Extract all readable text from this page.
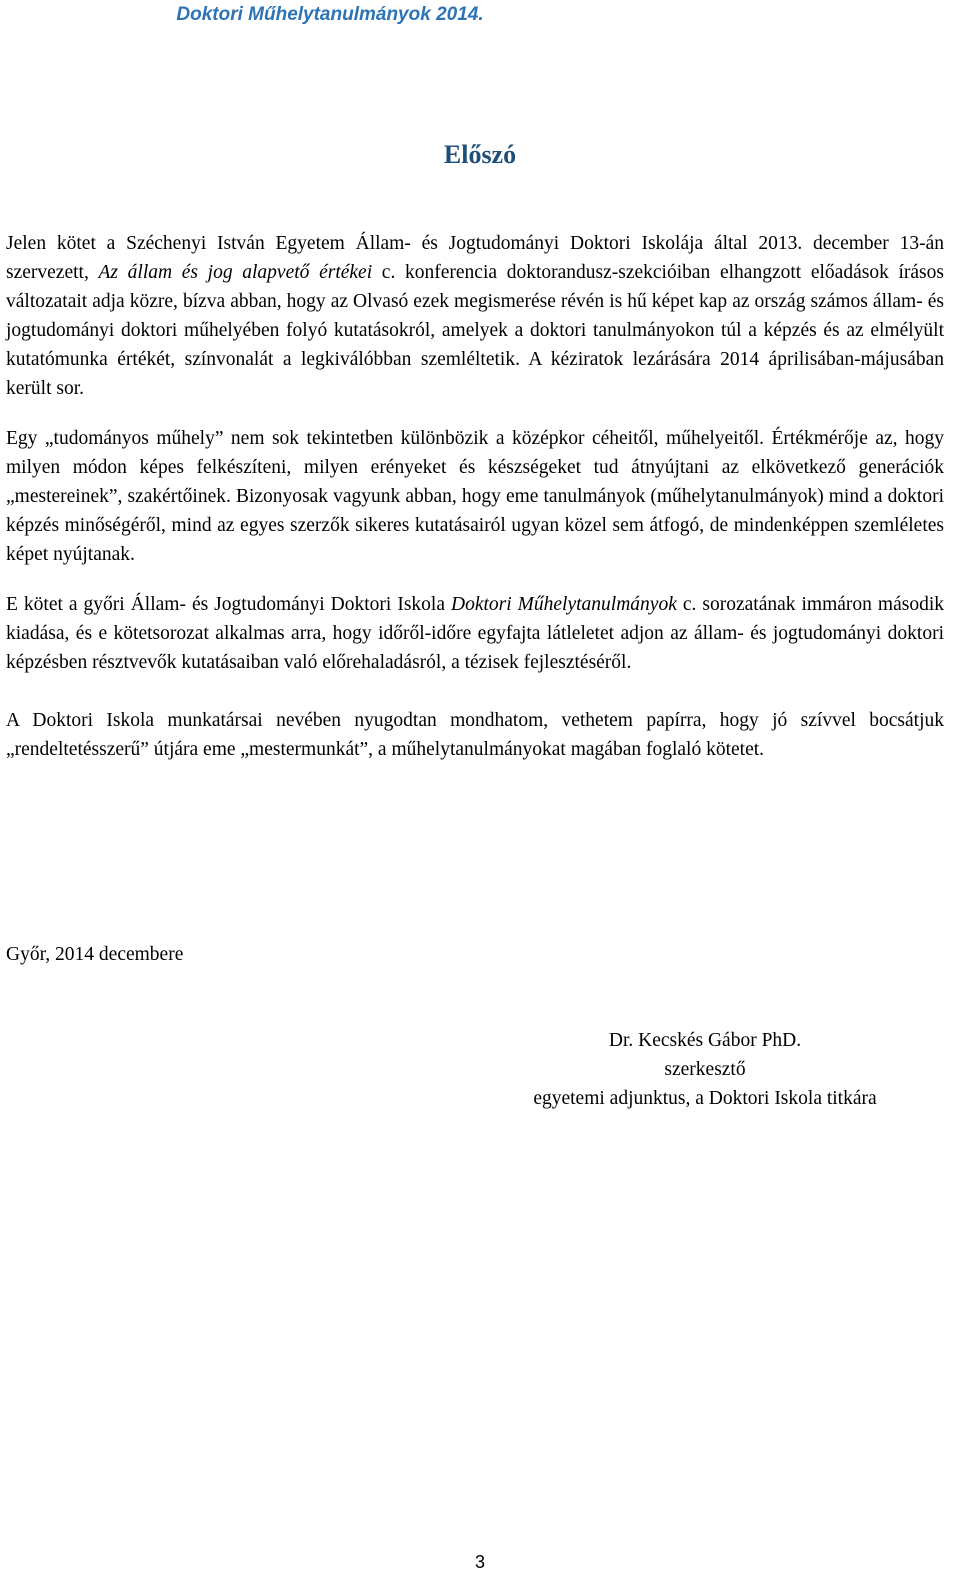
Doktori Műhelytanulmányok 2014.
Előszó

Jelen kötet a Széchenyi István Egyetem Állam- és Jogtudományi Doktori Iskolája által 2013. december 13-án szervezett, Az állam és jog alapvető értékei c. konferencia doktorandusz-szekcióiban elhangzott előadások írásos változatait adja közre, bízva abban, hogy az Olvasó ezek megismerése révén is hű képet kap az ország számos állam- és jogtudományi doktori műhelyében folyó kutatásokról, amelyek a doktori tanulmányokon túl a képzés és az elmélyült kutatómunka értékét, színvonalát a legkiválóbban szemléltetik. A kéziratok lezárására 2014 áprilisában-májusában került sor.

Egy „tudományos műhely” nem sok tekintetben különbözik a középkor céheitől, műhelyeitől. Értékmérője az, hogy milyen módon képes felkészíteni, milyen erényeket és készségeket tud átnyújtani az elkövetkező generációk „mestereinek”, szakértőinek. Bizonyosak vagyunk abban, hogy eme tanulmányok (műhelytanulmányok) mind a doktori képzés minőségéről, mind az egyes szerzők sikeres kutatásairól ugyan közel sem átfogó, de mindenképpen szemléletes képet nyújtanak.

E kötet a győri Állam- és Jogtudományi Doktori Iskola Doktori Műhelytanulmányok c. sorozatának immáron második kiadása, és e kötetsorozat alkalmas arra, hogy időről-időre egyfajta látleletet adjon az állam- és jogtudományi doktori képzésben résztvevők kutatásaiban való előrehaladásról, a tézisek fejlesztéséről.

A Doktori Iskola munkatársai nevében nyugodtan mondhatom, vethetem papírra, hogy jó szívvel bocsátjuk „rendeltetésszerű” útjára eme „mestermunkát”, a műhelytanulmányokat magában foglaló kötetet.

Győr, 2014 decembere
Dr. Kecskés Gábor PhD.
szerkesztő
egyetemi adjunktus, a Doktori Iskola titkára
3
